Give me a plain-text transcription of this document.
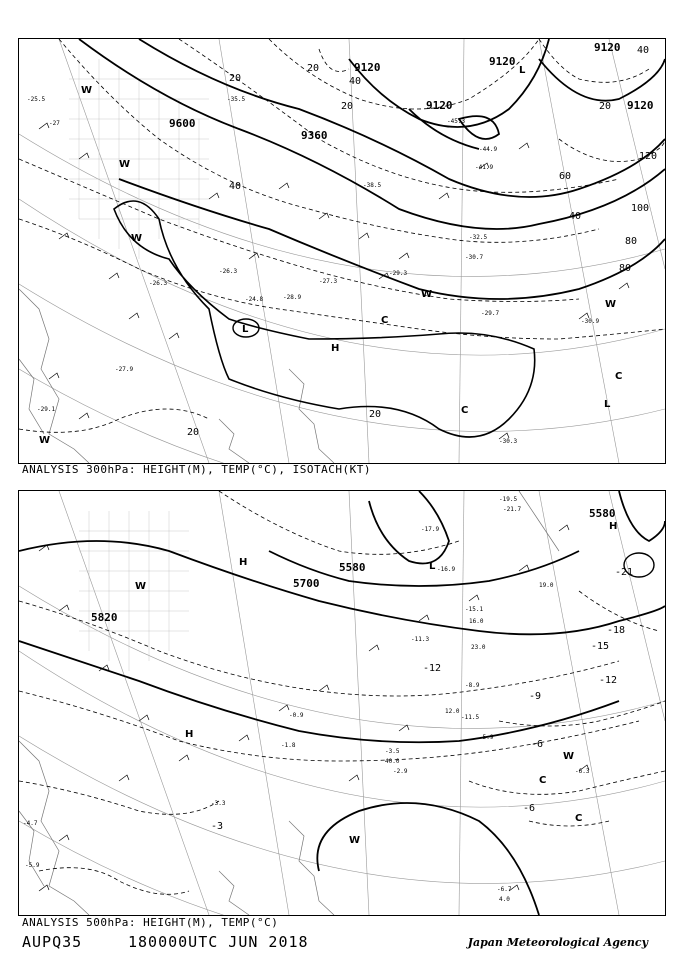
9120	9120
9120
9120	9120
9600
9360
20
20
20	20
40
40
40
40
60
80
80
100
120
20
20
W
W
W
W
H
L
L
L
C
C
C
W
W
-25.5
-27
-26.3
-29.1
-27.9
-28.9
-35.5
-41.9
-44.9
-32.5
-30.7
-29.7
-38.5
-45.3
-30.9
-30.3
-24.8
-27.3
-29.3
-26.3
ANALYSIS 300hPa: HEIGHT(M), TEMP(°C), ISOTACH(KT)
5580
5580
5820
5700
-21
-18
-15
-12
-12
-9
-6
-6
-3
H
H
L
H
W
W
W
C
C
-19.5
-21.7
-17.9
-16.9
-15.1
-11.3
-8.9
-11.5
-5.9
-3.5
-2.9	-6.3
-6.7
-4.7
-5.9
-3.3
-0.9
-1.8
12.0
16.0
23.0
19.0
40.0
4.0
ANALYSIS 500hPa: HEIGHT(M), TEMP(°C)
AUPQ35	180000UTC JUN 2018	Japan Meteorological Agency
